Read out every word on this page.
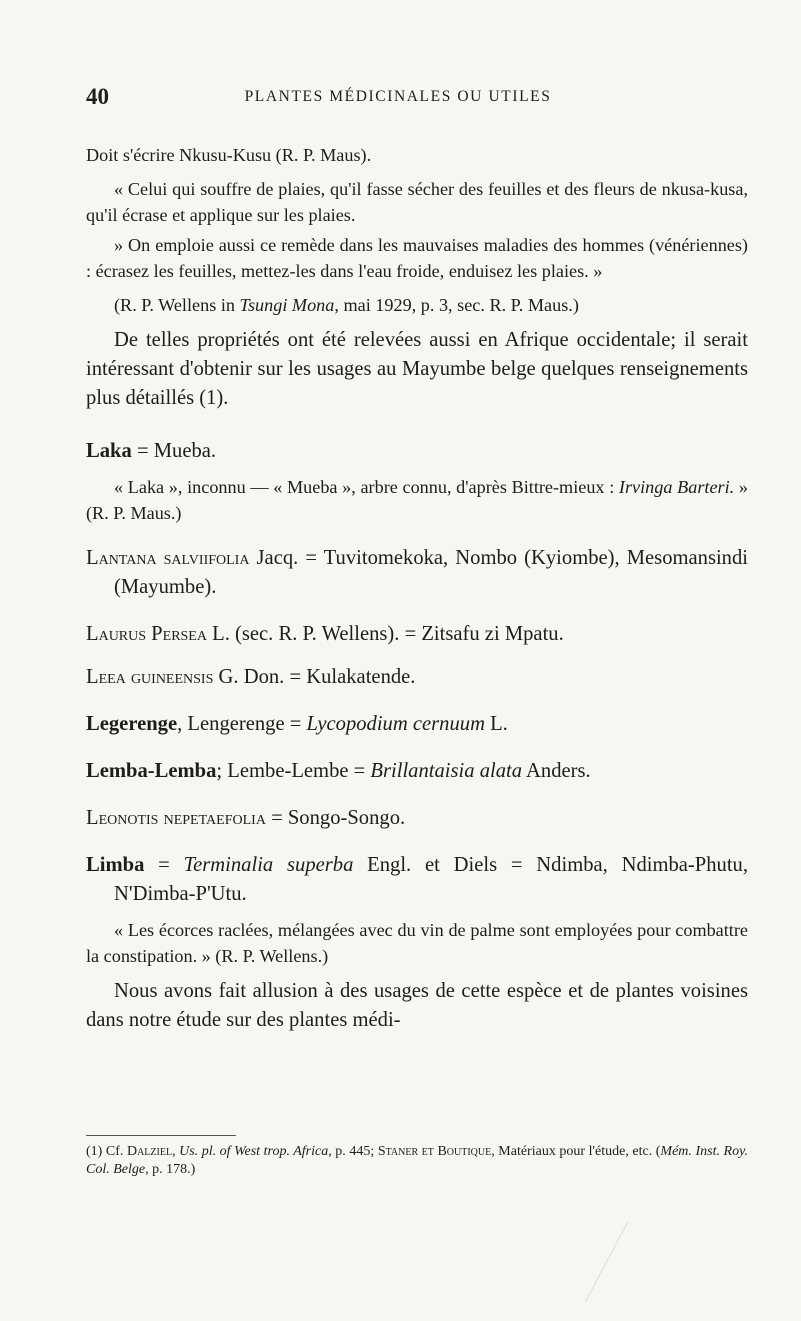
40	PLANTES MÉDICINALES OU UTILES

Doit s'écrire Nkusu-Kusu (R. P. Maus).

« Celui qui souffre de plaies, qu'il fasse sécher des feuilles et des fleurs de nkusa-kusa, qu'il écrase et applique sur les plaies.

» On emploie aussi ce remède dans les mauvaises maladies des hommes (vénériennes) : écrasez les feuilles, mettez-les dans l'eau froide, enduisez les plaies. »

(R. P. Wellens in Tsungi Mona, mai 1929, p. 3, sec. R. P. Maus.)

De telles propriétés ont été relevées aussi en Afrique occidentale; il serait intéressant d'obtenir sur les usages au Mayumbe belge quelques renseignements plus détaillés (1).

Laka = Mueba.

« Laka », inconnu — « Mueba », arbre connu, d'après Bittre-mieux : Irvinga Barteri. » (R. P. Maus.)

Lantana salviifolia Jacq. = Tuvitomekoka, Nombo (Kyiombe), Mesomansindi (Mayumbe).

Laurus Persea L. (sec. R. P. Wellens). = Zitsafu zi Mpatu.

Leea guineensis G. Don. = Kulakatende.

Legerenge, Lengerenge = Lycopodium cernuum L.

Lemba-Lemba; Lembe-Lembe = Brillantaisia alata Anders.

Leonotis nepetaefolia = Songo-Songo.

Limba = Terminalia superba Engl. et Diels = Ndimba, Ndimba-Phutu, N'Dimba-P'Utu.

« Les écorces raclées, mélangées avec du vin de palme sont employées pour combattre la constipation. » (R. P. Wellens.)

Nous avons fait allusion à des usages de cette espèce et de plantes voisines dans notre étude sur des plantes médi-

(1) Cf. Dalziel, Us. pl. of West trop. Africa, p. 445; Staner et Boutique, Matériaux pour l'étude, etc. (Mém. Inst. Roy. Col. Belge, p. 178.)
